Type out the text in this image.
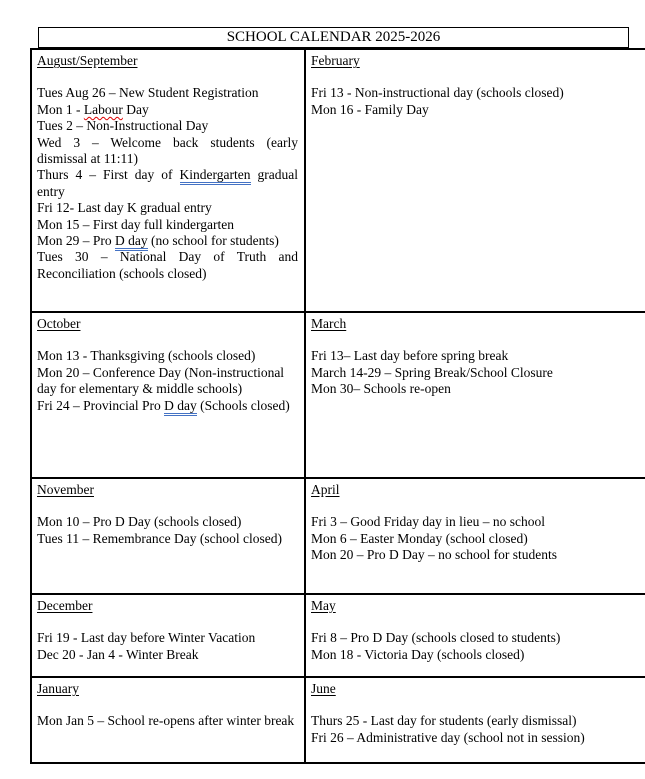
SCHOOL CALENDAR 2025-2026
August/September

Tues Aug 26 – New Student Registration

Mon 1 - Labour Day

Tues 2 – Non-Instructional Day

Wed 3 – Welcome back students (early dismissal at 11:11)

Thurs 4 – First day of Kindergarten gradual entry

Fri 12- Last day K gradual entry

Mon 15 – First day full kindergarten

Mon 29 – Pro D day (no school for students)

Tues 30 – National Day of Truth and Reconciliation (schools closed)

February

Fri 13 - Non-instructional day (schools closed)

Mon 16 - Family Day

October

Mon 13 - Thanksgiving (schools closed)

Mon 20 – Conference Day (Non-instructional day for elementary & middle schools)

Fri 24 – Provincial Pro D day (Schools closed)

March

Fri 13– Last day before spring break

March 14-29 – Spring Break/School Closure

Mon 30– Schools re-open

November

Mon 10 – Pro D Day (schools closed)

Tues 11 – Remembrance Day (school closed)

April

Fri 3 – Good Friday day in lieu – no school

Mon 6 – Easter Monday (school closed)

Mon 20 – Pro D Day – no school for students

December

Fri 19 - Last day before Winter Vacation

Dec 20 - Jan 4 - Winter Break

May

Fri 8 – Pro D Day (schools closed to students)

Mon 18 - Victoria Day (schools closed)

January

Mon Jan 5 – School re-opens after winter break

June

Thurs 25 - Last day for students (early dismissal)

Fri 26 – Administrative day (school not in session)
